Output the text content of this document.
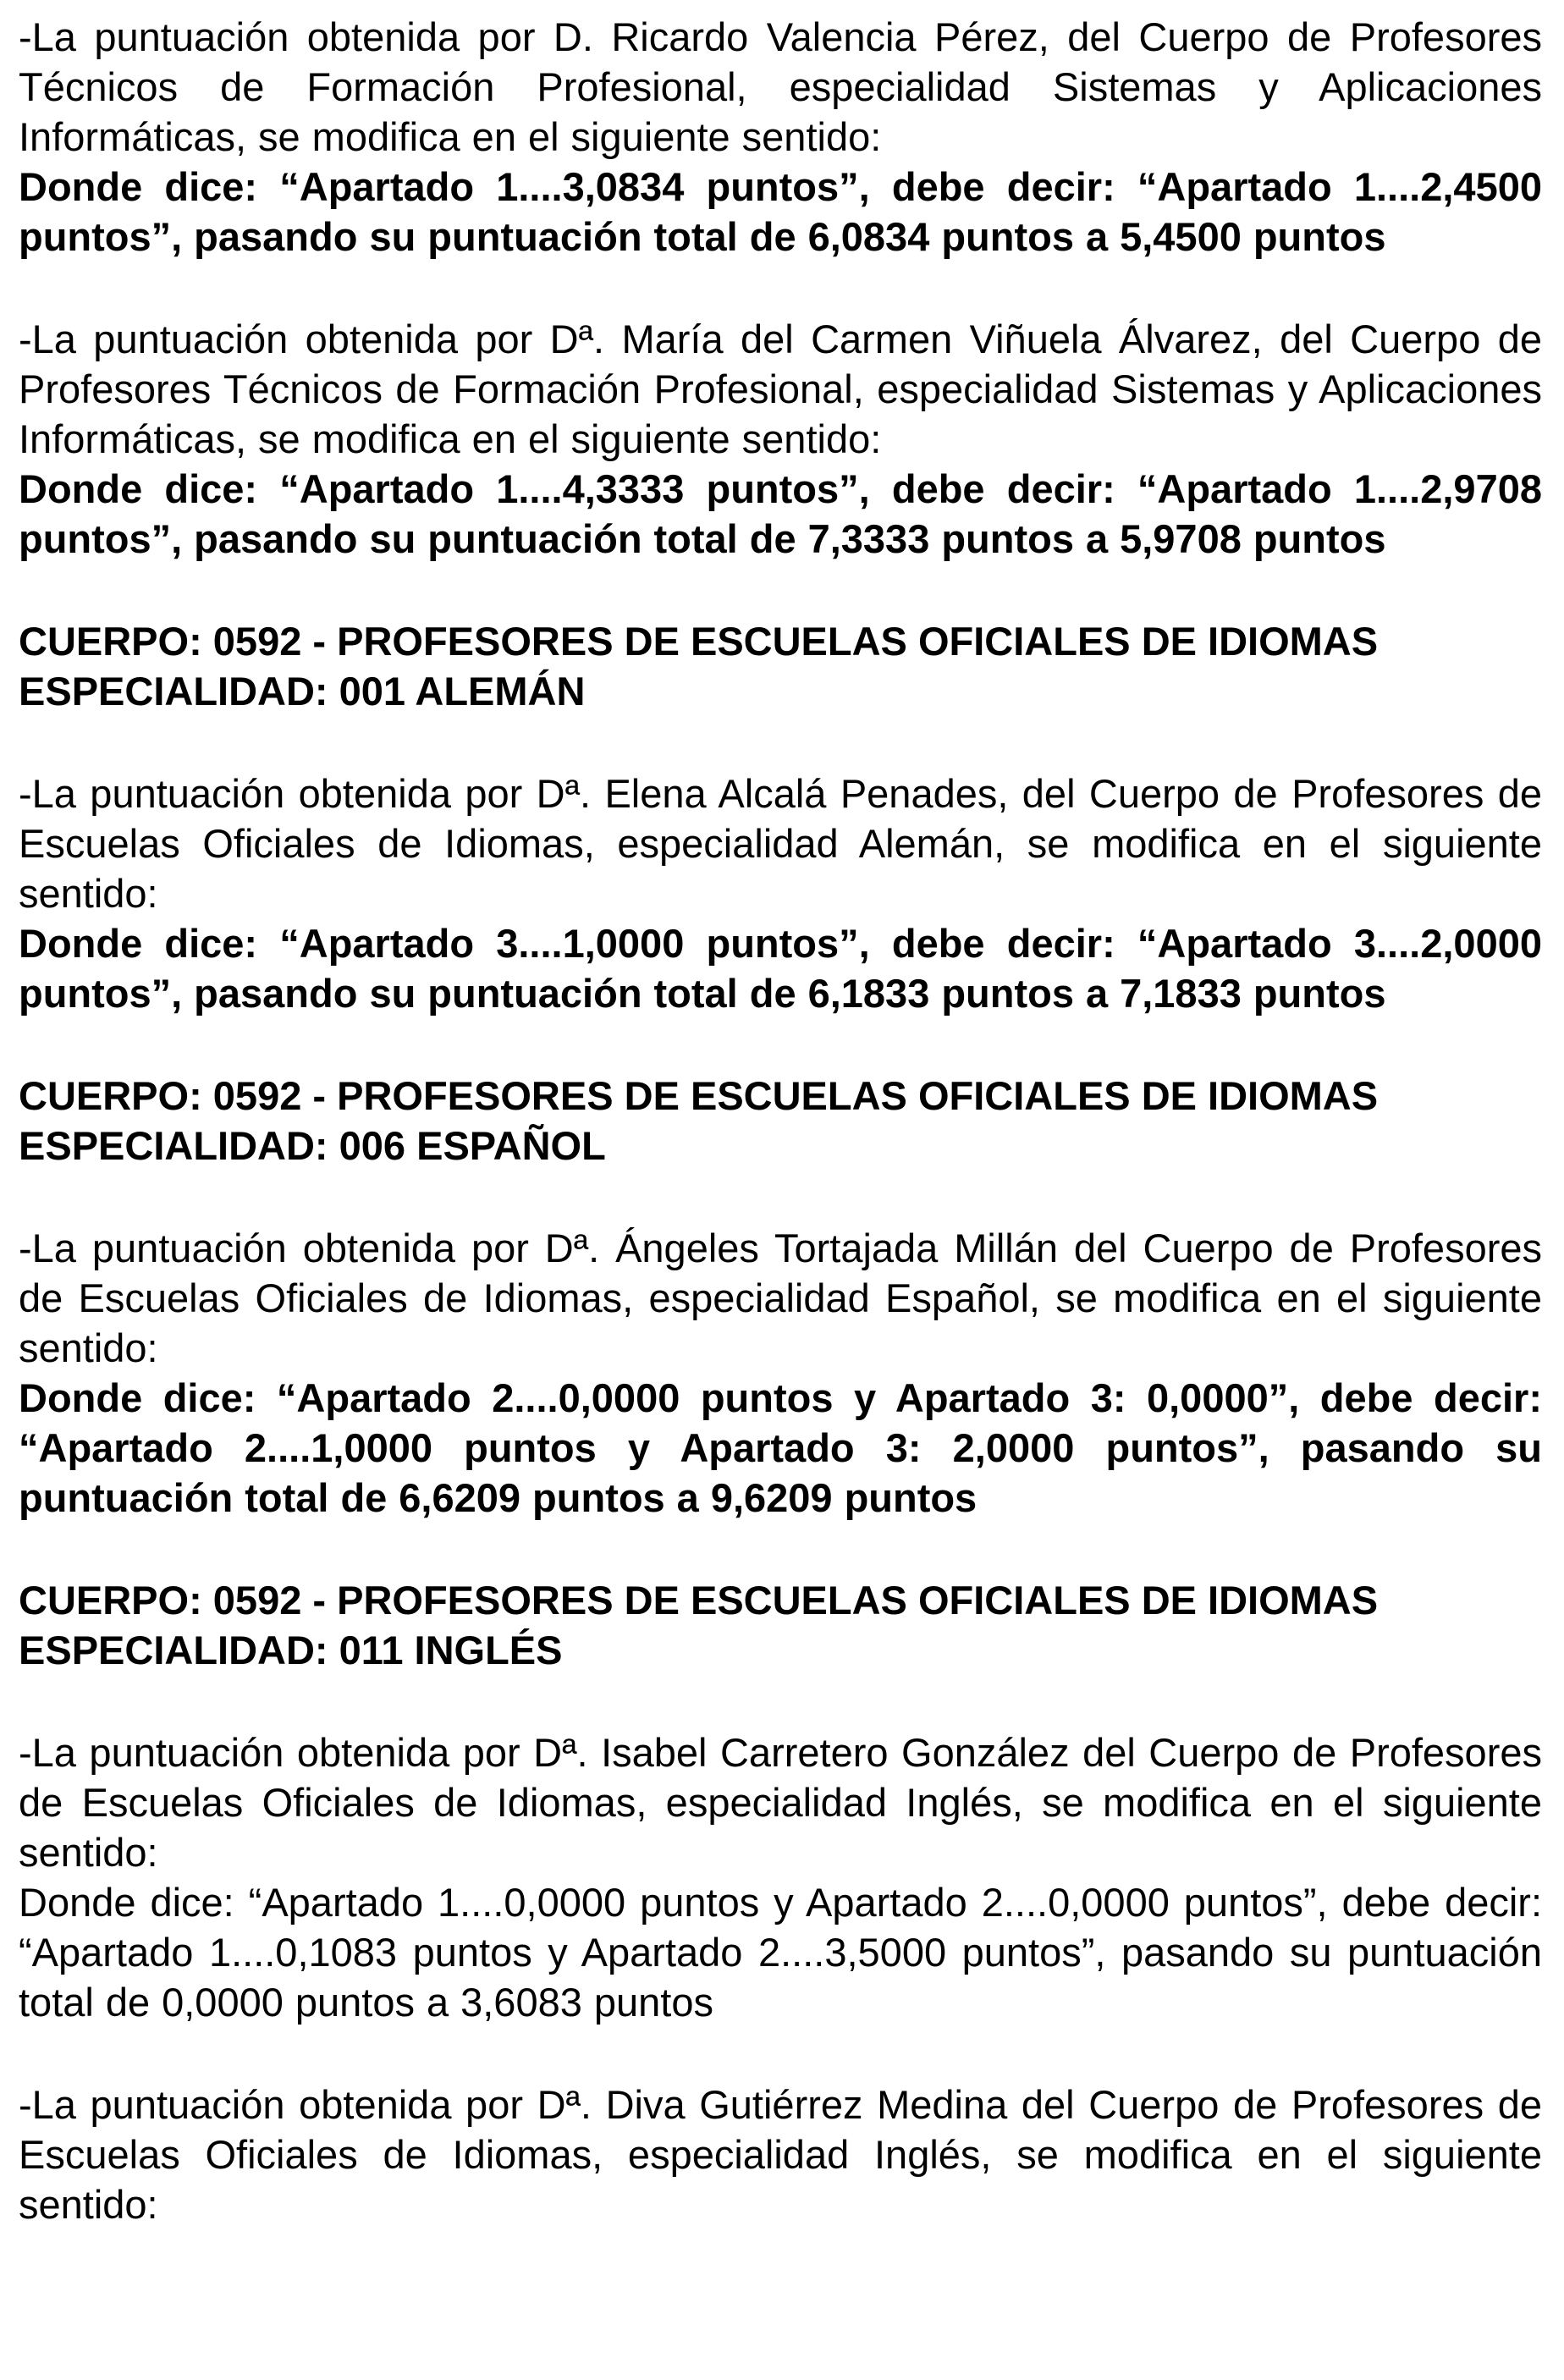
-La puntuación obtenida por D. Ricardo Valencia Pérez, del Cuerpo de Profesores Técnicos de Formación Profesional, especialidad Sistemas y Aplicaciones Informáticas, se modifica en el siguiente sentido:

Donde dice: “Apartado 1....3,0834 puntos”, debe decir: “Apartado 1....2,4500 puntos”, pasando su puntuación total de 6,0834 puntos a 5,4500 puntos

-La puntuación obtenida por Dª. María del Carmen Viñuela Álvarez, del Cuerpo de Profesores Técnicos de Formación Profesional, especialidad Sistemas y Aplicaciones Informáticas, se modifica en el siguiente sentido:

Donde dice: “Apartado 1....4,3333 puntos”, debe decir: “Apartado 1....2,9708 puntos”, pasando su puntuación total de 7,3333 puntos a 5,9708 puntos

CUERPO: 0592 - PROFESORES DE ESCUELAS OFICIALES DE IDIOMAS
ESPECIALIDAD: 001 ALEMÁN

-La puntuación obtenida por Dª. Elena Alcalá Penades, del Cuerpo de Profesores de Escuelas Oficiales de Idiomas, especialidad Alemán, se modifica en el siguiente sentido:

Donde dice: “Apartado 3....1,0000 puntos”, debe decir: “Apartado 3....2,0000 puntos”, pasando su puntuación total de 6,1833 puntos a 7,1833 puntos

CUERPO: 0592 - PROFESORES DE ESCUELAS OFICIALES DE IDIOMAS
ESPECIALIDAD: 006 ESPAÑOL

-La puntuación obtenida por Dª. Ángeles Tortajada Millán del Cuerpo de Profesores de Escuelas Oficiales de Idiomas, especialidad Español, se modifica en el siguiente sentido:

Donde dice: “Apartado 2....0,0000 puntos y Apartado 3: 0,0000”, debe decir: “Apartado 2....1,0000 puntos y Apartado 3: 2,0000 puntos”, pasando su puntuación total de 6,6209 puntos a 9,6209 puntos

CUERPO: 0592 - PROFESORES DE ESCUELAS OFICIALES DE IDIOMAS
ESPECIALIDAD: 011 INGLÉS

-La puntuación obtenida por Dª. Isabel Carretero González del Cuerpo de Profesores de Escuelas Oficiales de Idiomas, especialidad Inglés, se modifica en el siguiente sentido:

Donde dice: “Apartado 1....0,0000 puntos y Apartado 2....0,0000 puntos”, debe decir: “Apartado 1....0,1083 puntos y Apartado 2....3,5000 puntos”, pasando su puntuación total de 0,0000 puntos a 3,6083 puntos

-La puntuación obtenida por Dª. Diva Gutiérrez Medina del Cuerpo de Profesores de Escuelas Oficiales de Idiomas, especialidad Inglés, se modifica en el siguiente sentido:
